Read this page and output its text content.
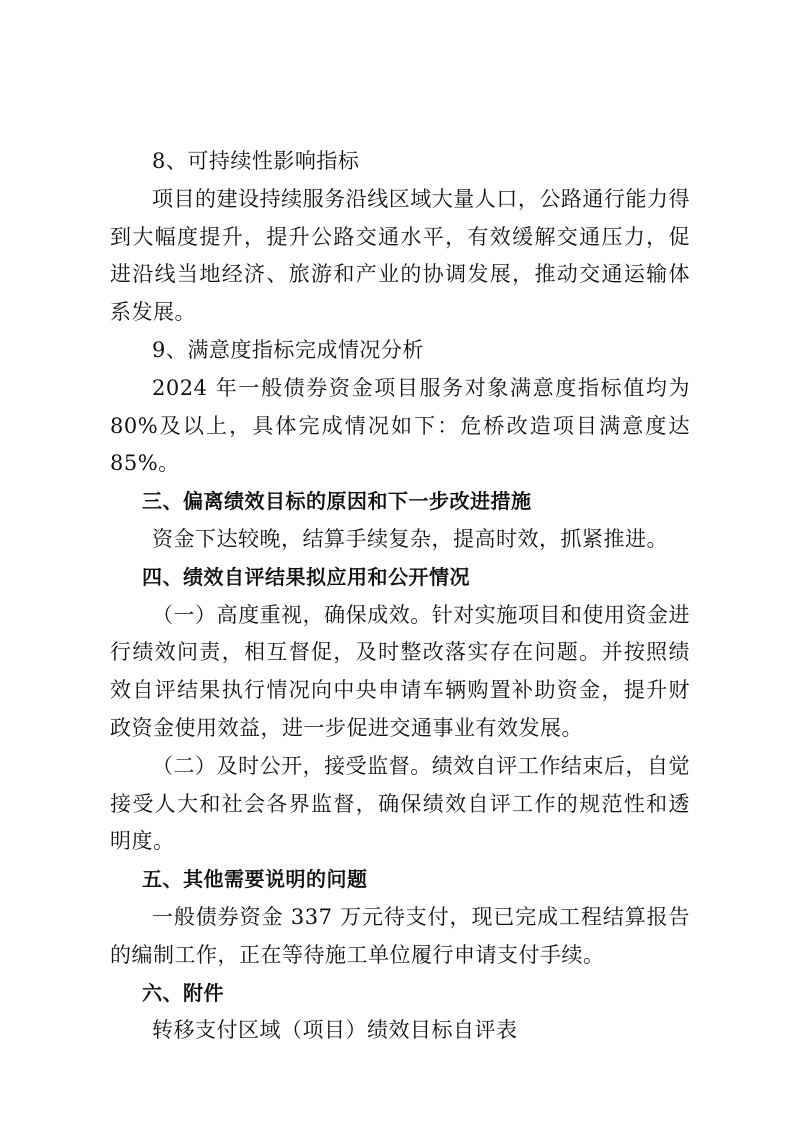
8、可持续性影响指标

项目的建设持续服务沿线区域大量人口，公路通行能力得到大幅度提升，提升公路交通水平，有效缓解交通压力，促进沿线当地经济、旅游和产业的协调发展，推动交通运输体系发展。

9、满意度指标完成情况分析

2024 年一般债券资金项目服务对象满意度指标值均为 80%及以上，具体完成情况如下：危桥改造项目满意度达 85%。

三、偏离绩效目标的原因和下一步改进措施

资金下达较晚，结算手续复杂，提高时效，抓紧推进。

四、绩效自评结果拟应用和公开情况

（一）高度重视，确保成效。针对实施项目和使用资金进行绩效问责，相互督促，及时整改落实存在问题。并按照绩效自评结果执行情况向中央申请车辆购置补助资金，提升财政资金使用效益，进一步促进交通事业有效发展。

（二）及时公开，接受监督。绩效自评工作结束后，自觉接受人大和社会各界监督，确保绩效自评工作的规范性和透明度。

五、其他需要说明的问题

一般债券资金 337 万元待支付，现已完成工程结算报告的编制工作，正在等待施工单位履行申请支付手续。

六、附件

转移支付区域（项目）绩效目标自评表
